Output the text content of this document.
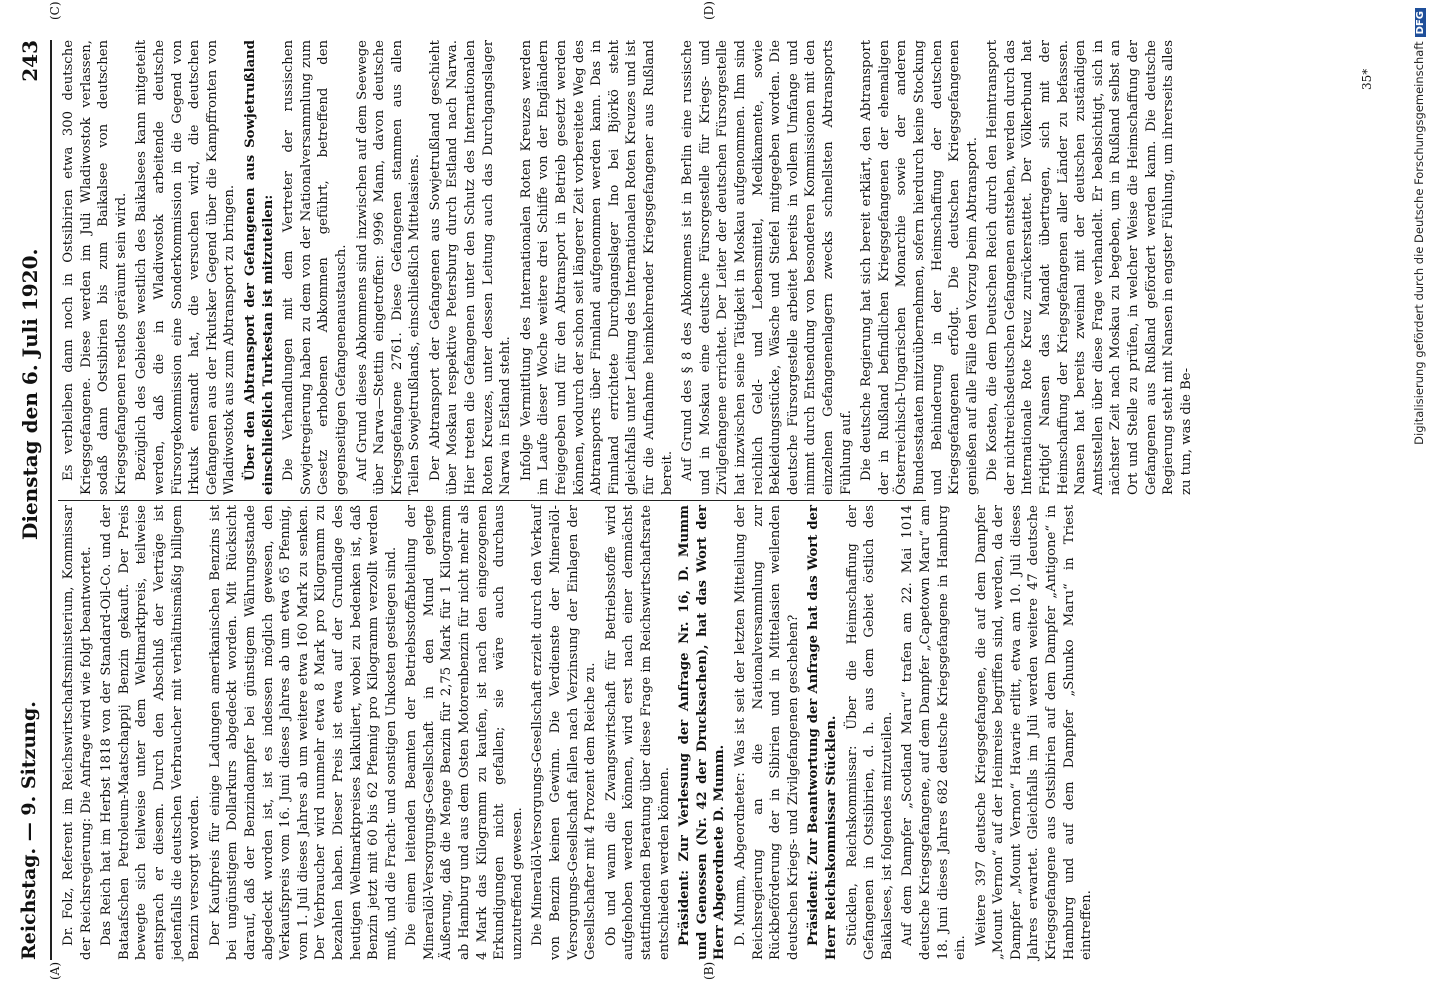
Reichstag. — 9. Sitzung.
Dienstag den 6. Juli 1920.
243
(A)	(B)
(C)	(D)

Dr. Folz, Referent im Reichswirtschaftsministerium, Kommissar der Reichsregierung: Die Anfrage wird wie folgt beantwortet. Das Reich hat im Herbst 1818 von der Standard-Oil-Co. und der Bataafschen Petroleum-Maatschappij Benzin gekauft. Der Preis bewegte sich teilweise unter dem Weltmarktpreis, teilweise entsprach er diesem. Durch den Abschluß der Verträge ist jedenfalls die deutschen Verbraucher mit verhältnismäßig billigem Benzin versorgt worden. Der Kaufpreis für einige Ladungen amerikanischen Benzins ist bei ungünstigem Dollarkurs abgedeckt worden. Mit Rücksicht darauf, daß der Benzindampfer bei günstigem Währungsstande abgedeckt worden ist, ist es indessen möglich gewesen, den Verkaufspreis vom 16. Juni dieses Jahres ab um etwa 65 Pfennig, vom 1. Juli dieses Jahres ab um weitere etwa 160 Mark zu senken. Der Verbraucher wird nunmehr etwa 8 Mark pro Kilogramm zu bezahlen haben. Dieser Preis ist etwa auf der Grundlage des heutigen Weltmarktpreises kalkuliert, wobei zu bedenken ist, daß Benzin jetzt mit 60 bis 62 Pfennig pro Kilogramm verzollt werden muß, und die Fracht- und sonstigen Unkosten gestiegen sind. Die einem leitenden Beamten der Betriebsstoffabteilung der Mineralöl-Versorgungs-Gesellschaft in den Mund gelegte Äußerung, daß die Menge Benzin für 2,75 Mark für 1 Kilogramm ab Hamburg und aus dem Osten Motorenbenzin für nicht mehr als 4 Mark das Kilogramm zu kaufen, ist nach den eingezogenen Erkundigungen nicht gefallen; sie wäre auch durchaus unzutreffend gewesen. Die Mineralöl-Versorgungs-Gesellschaft erzielt durch den Verkauf von Benzin keinen Gewinn. Die Verdienste der Mineralöl-Versorgungs-Gesellschaft fallen nach Verzinsung der Einlagen der Gesellschafter mit 4 Prozent dem Reiche zu. Ob und wann die Zwangswirtschaft für Betriebsstoffe wird aufgehoben werden können, wird erst nach einer demnächst stattfindenden Beratung über diese Frage im Reichswirtschaftsrate entschieden werden können. Präsident: Zur Verlesung der Anfrage Nr. 16, D. Mumm und Genossen (Nr. 42 der Drucksachen), hat das Wort der Herr Abgeordnete D. Mumm. D. Mumm, Abgeordneter: Was ist seit der letzten Mitteilung der Reichsregierung an die Nationalversammlung zur Rückbeförderung der in Sibirien und in Mittelasien weilenden deutschen Kriegs- und Zivilgefangenen geschehen? Präsident: Zur Beantwortung der Anfrage hat das Wort der Herr Reichskommissar Stücklen. Stücklen, Reichskommissar: Über die Heimschaffung der Gefangenen in Ostsibirien, d. h. aus dem Gebiet östlich des Baikalsees, ist folgendes mitzuteilen. Auf dem Dampfer „Scotland Maru“ trafen am 22. Mai 1014 deutsche Kriegsgefangene, auf dem Dampfer „Capetown Maru“ am 18. Juni dieses Jahres 682 deutsche Kriegsgefangene in Hamburg ein.

Weitere 397 deutsche Kriegsgefangene, die auf dem Dampfer „Mount Vernon“ auf der Heimreise begriffen sind, werden, da der Dampfer „Mount Vernon“ Havarie erlitt, etwa am 10. Juli dieses Jahres erwartet. Gleichfalls im Juli werden weitere 47 deutsche Kriegsgefangene aus Ostsibirien auf dem Dampfer „Antigone“ in Hamburg und auf dem Dampfer „Shunko Maru“ in Triest eintreffen.

Es verbleiben dann noch in Ostsibirien etwa 300 deutsche Kriegsgefangene. Diese werden im Juli Wladiwostok verlassen, sodaß dann Ostsibirien bis zum Baikalsee von deutschen Kriegsgefangenen restlos geräumt sein wird. Bezüglich des Gebietes westlich des Baikalsees kann mitgeteilt werden, daß die in Wladiwostok arbeitende deutsche Fürsorgekommission eine Sonderkommission in die Gegend von Irkutsk entsandt hat, die versuchen wird, die deutschen Gefangenen aus der Irkutsker Gegend über die Kampffronten von Wladiwostok aus zum Abtransport zu bringen. Über den Abtransport der Gefangenen aus Sowjetrußland einschließlich Turkestan ist mitzuteilen: Die Verhandlungen mit dem Vertreter der russischen Sowjetregierung haben zu dem von der Nationalversammlung zum Gesetz erhobenen Abkommen geführt, betreffend den gegenseitigen Gefangenenaustausch. Auf Grund dieses Abkommens sind inzwischen auf dem Seewege über Narwa—Stettin eingetroffen: 9996 Mann, davon deutsche Kriegsgefangene 2761. Diese Gefangenen stammen aus allen Teilen Sowjetrußlands, einschließlich Mittelasiens. Der Abtransport der Gefangenen aus Sowjetrußland geschieht über Moskau respektive Petersburg durch Estland nach Narwa. Hier treten die Gefangenen unter den Schutz des Internationalen Roten Kreuzes, unter dessen Leitung auch das Durchgangslager Narwa in Estland steht. Infolge Vermittlung des Internationalen Roten Kreuzes werden im Laufe dieser Woche weitere drei Schiffe von der Engländern freigegeben und für den Abtransport in Betrieb gesetzt werden können, wodurch der schon seit längerer Zeit vorbereitete Weg des Abtransports über Finnland aufgenommen werden kann. Das in Finnland errichtete Durchgangslager Ino bei Björkö steht gleichfalls unter Leitung des Internationalen Roten Kreuzes und ist für die Aufnahme heimkehrender Kriegsgefangener aus Rußland bereit. Auf Grund des § 8 des Abkommens ist in Berlin eine russische und in Moskau eine deutsche Fürsorgestelle für Kriegs- und Zivilgefangene errichtet. Der Leiter der deutschen Fürsorgestelle hat inzwischen seine Tätigkeit in Moskau aufgenommen. Ihm sind reichlich Geld- und Lebensmittel, Medikamente, sowie Bekleidungsstücke, Wäsche und Stiefel mitgegeben worden. Die deutsche Fürsorgestelle arbeitet bereits in vollem Umfange und nimmt durch Entsendung von besonderen Kommissionen mit den einzelnen Gefangenenlagern zwecks schnellsten Abtransports Fühlung auf. Die deutsche Regierung hat sich bereit erklärt, den Abtransport der in Rußland befindlichen Kriegsgefangenen der ehemaligen Österreichisch-Ungarischen Monarchie sowie der anderen Bundesstaaten mitzuübernehmen, sofern hierdurch keine Stockung und Behinderung in der Heimschaffung der deutschen Kriegsgefangenen erfolgt. Die deutschen Kriegsgefangenen genießen auf alle Fälle den Vorzug beim Abtransport. Die Kosten, die dem Deutschen Reich durch den Heimtransport der nichtreichsdeutschen Gefangenen entstehen, werden durch das Internationale Rote Kreuz zurückerstattet. Der Völkerbund hat Fridtjof Nansen das Mandat übertragen, sich mit der Heimschaffung der Kriegsgefangenen aller Länder zu befassen. Nansen hat bereits zweimal mit der deutschen zuständigen Amtsstellen über diese Frage verhandelt. Er beabsichtigt, sich in nächster Zeit nach Moskau zu begeben, um in Rußland selbst an Ort und Stelle zu prüfen, in welcher Weise die Heimschaffung der Gefangenen aus Rußland gefördert werden kann. Die deutsche Regierung steht mit Nansen in engster Fühlung, um ihrerseits alles zu tun, was die Be-

35*	Digitalisierung gefördert durch die Deutsche ForschungsgemeinschaftDFG
